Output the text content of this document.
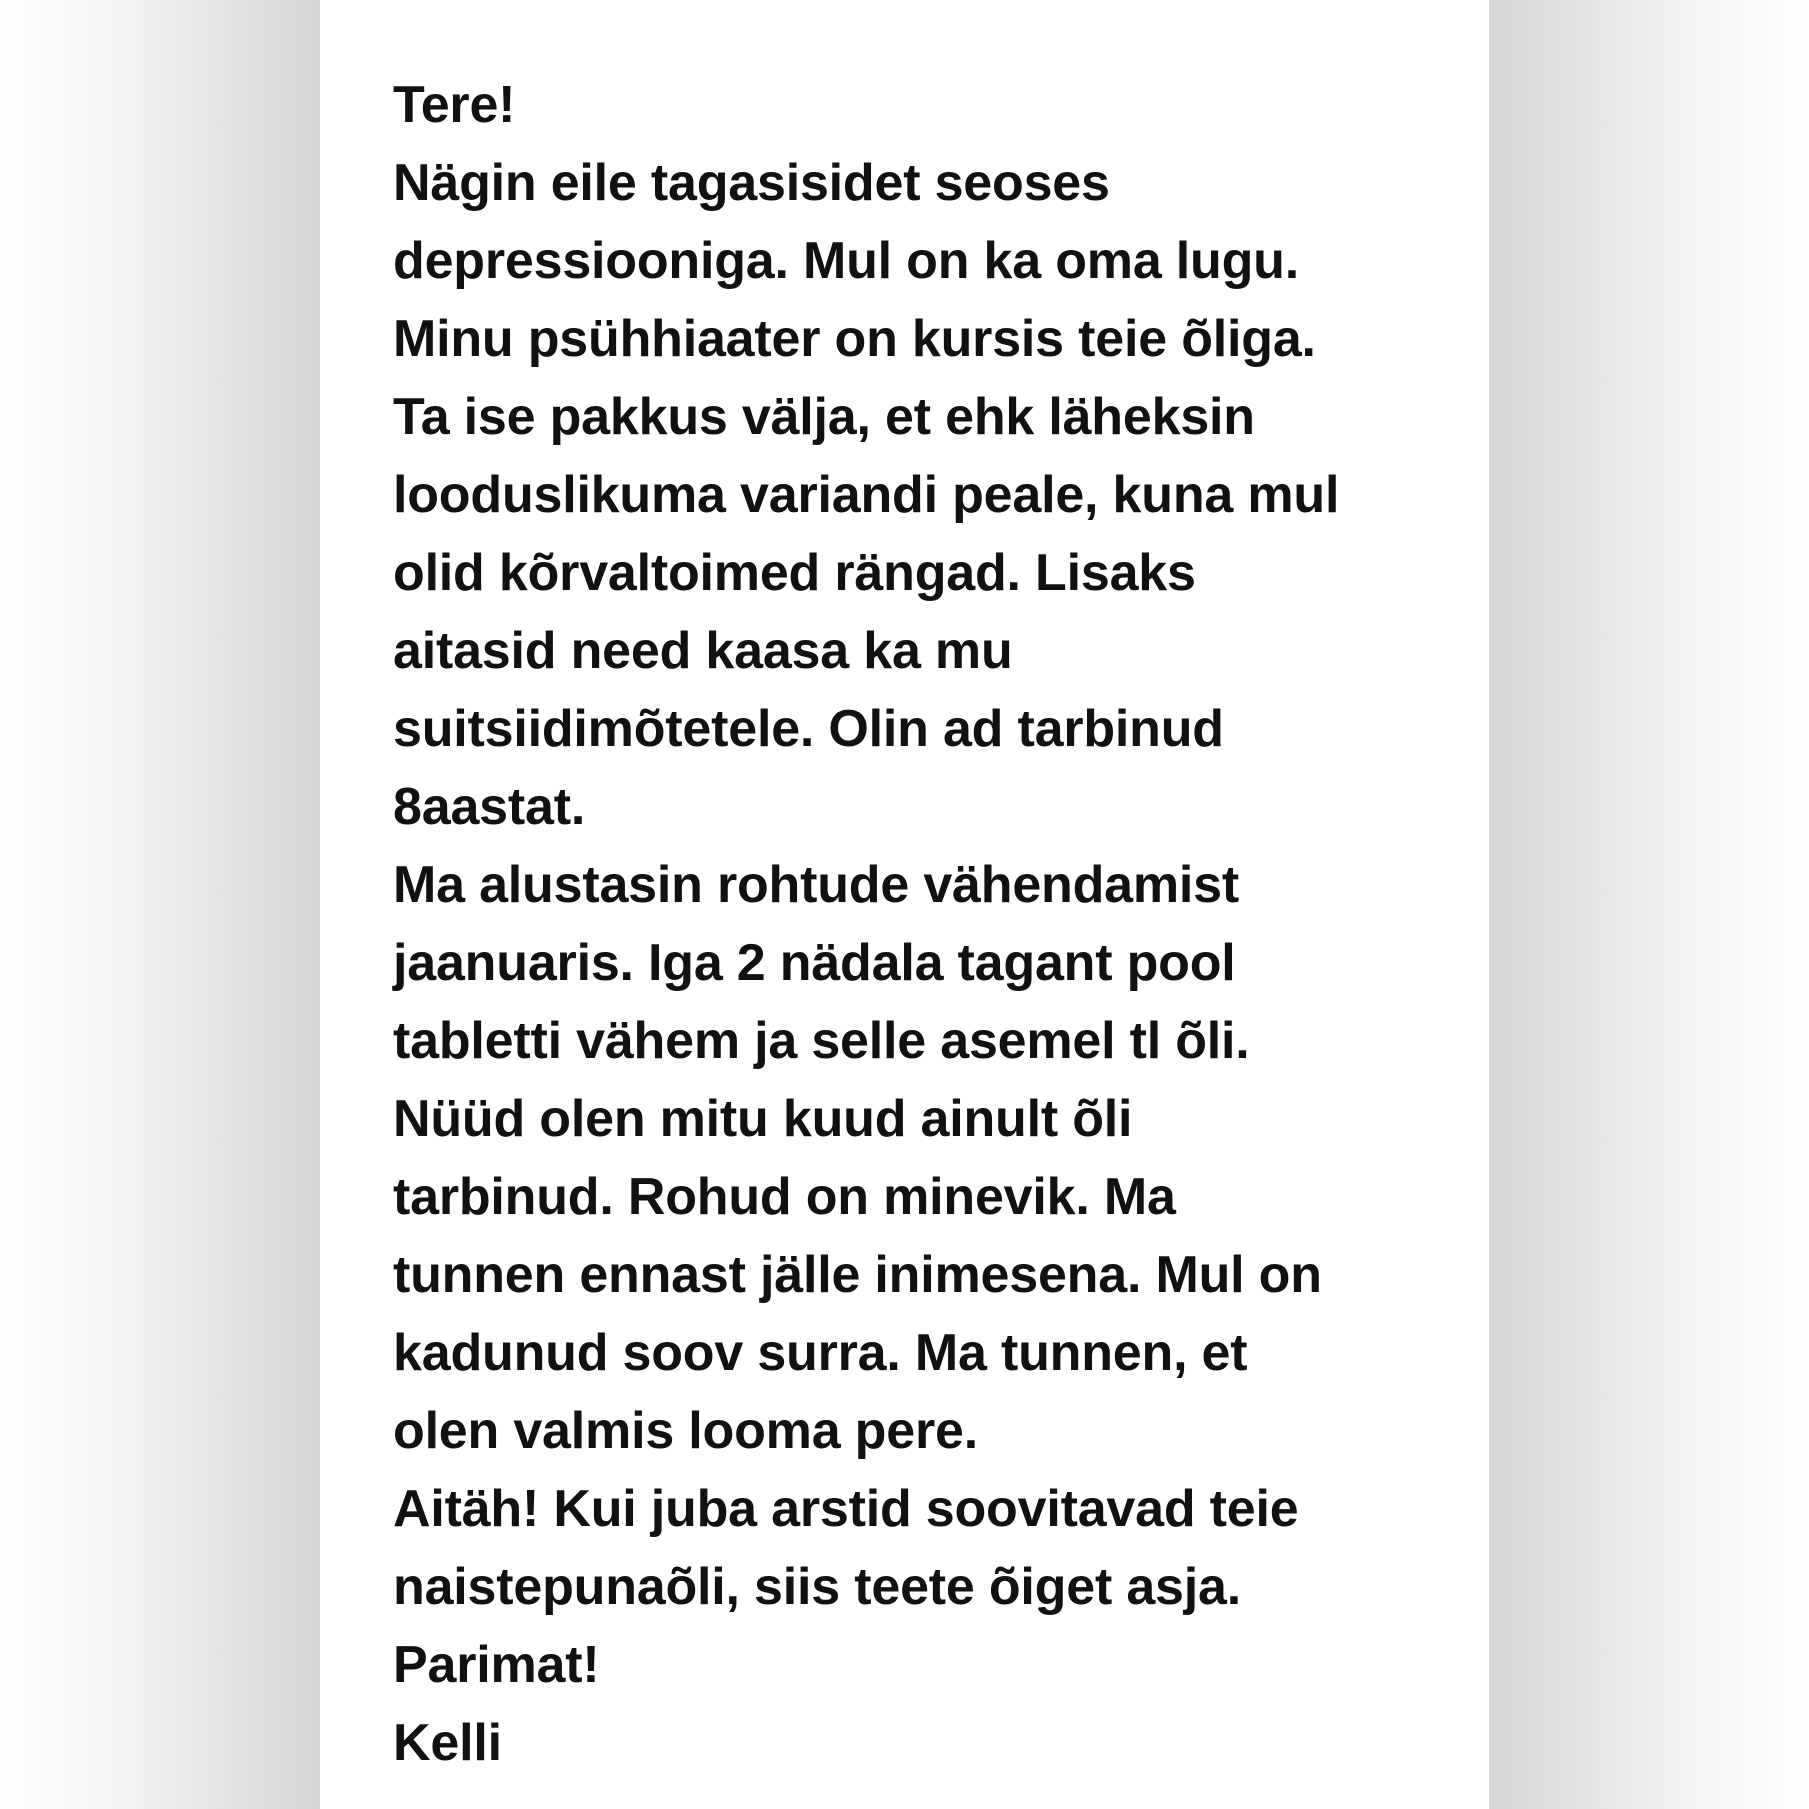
Tere!
Nägin eile tagasisidet seoses
depressiooniga. Mul on ka oma lugu.
Minu psühhiaater on kursis teie õliga.
Ta ise pakkus välja, et ehk läheksin
looduslikuma variandi peale, kuna mul
olid kõrvaltoimed rängad. Lisaks
aitasid need kaasa ka mu
suitsiidimõtetele. Olin ad tarbinud
8aastat.
Ma alustasin rohtude vähendamist
jaanuaris. Iga 2 nädala tagant pool
tabletti vähem ja selle asemel tl õli.
Nüüd olen mitu kuud ainult õli
tarbinud. Rohud on minevik. Ma
tunnen ennast jälle inimesena. Mul on
kadunud soov surra. Ma tunnen, et
olen valmis looma pere.
Aitäh! Kui juba arstid soovitavad teie
naistepunaõli, siis teete õiget asja.
Parimat!
Kelli
